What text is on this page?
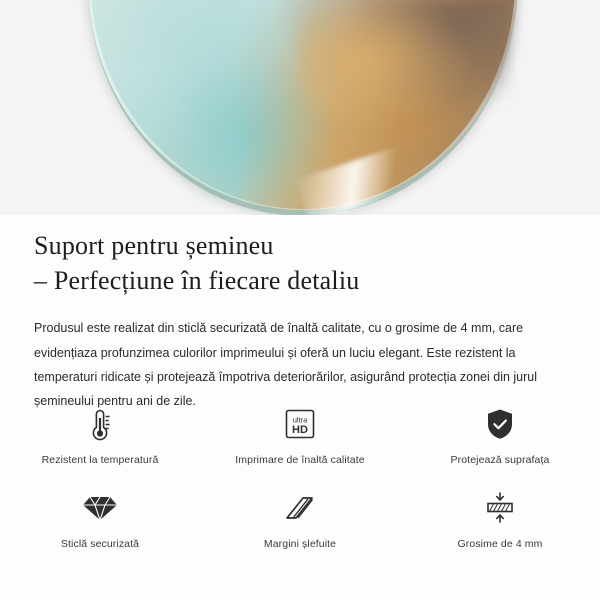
Suport pentru șemineu
– Perfecțiune în fiecare detaliu

Produsul este realizat din sticlă securizată de înaltă calitate, cu o grosime de 4 mm, care evidențiaza profunzimea culorilor imprimeului și oferă un luciu elegant. Este rezistent la temperaturi ridicate și protejează împotriva deteriorărilor, asigurând protecția zonei din jurul șemineului pentru ani de zile.

Rezistent la temperatură
ultra
HD
Imprimare de înaltă calitate	Protejează suprafața
Sticlă securizată	Margini șlefuite	Grosime de 4 mm
